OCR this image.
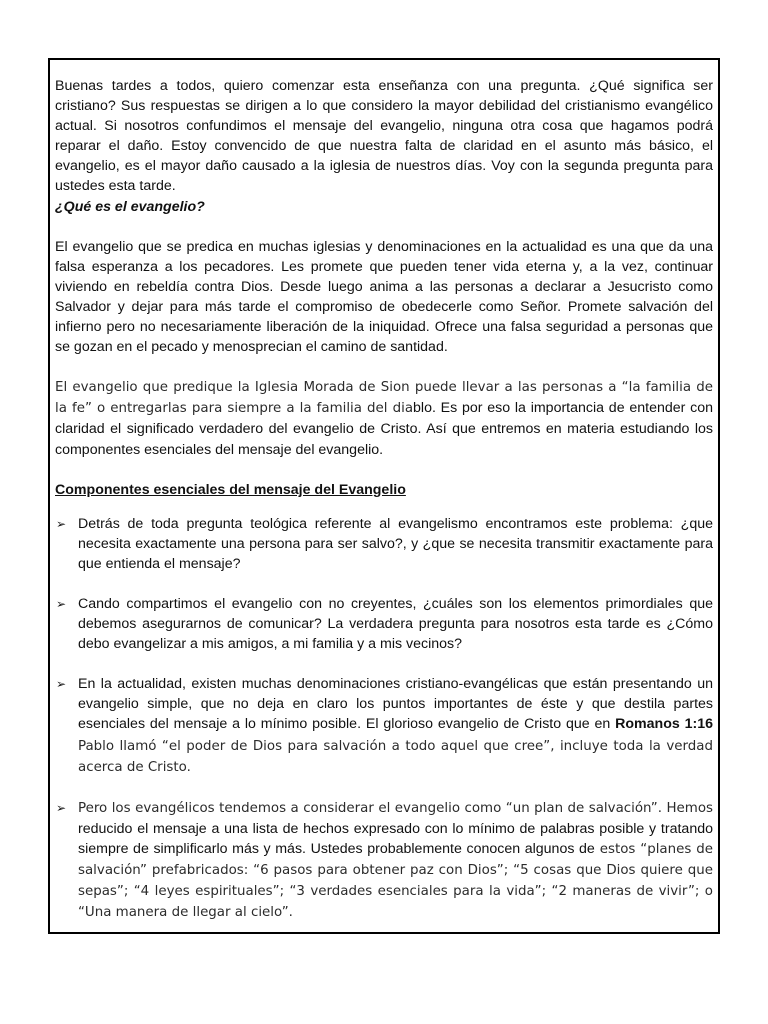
Buenas tardes a todos, quiero comenzar esta enseñanza con una pregunta. ¿Qué significa ser cristiano? Sus respuestas se dirigen a lo que considero la mayor debilidad del cristianismo evangélico actual. Si nosotros confundimos el mensaje del evangelio, ninguna otra cosa que hagamos podrá reparar el daño. Estoy convencido de que nuestra falta de claridad en el asunto más básico, el evangelio, es el mayor daño causado a la iglesia de nuestros días. Voy con la segunda pregunta para ustedes esta tarde.

¿Qué es el evangelio?

El evangelio que se predica en muchas iglesias y denominaciones en la actualidad es una que da una falsa esperanza a los pecadores. Les promete que pueden tener vida eterna y, a la vez, continuar viviendo en rebeldía contra Dios. Desde luego anima a las personas a declarar a Jesucristo como Salvador y dejar para más tarde el compromiso de obedecerle como Señor. Promete salvación del infierno pero no necesariamente liberación de la iniquidad. Ofrece una falsa seguridad a personas que se gozan en el pecado y menosprecian el camino de santidad.

El evangelio que predique la Iglesia Morada de Sion puede llevar a las personas a “la familia de la fe” o entregarlas para siempre a la familia del diablo. Es por eso la importancia de entender con claridad el significado verdadero del evangelio de Cristo. Así que entremos en materia estudiando los componentes esenciales del mensaje del evangelio.

Componentes esenciales del mensaje del Evangelio

➢ Detrás de toda pregunta teológica referente al evangelismo encontramos este problema: ¿que necesita exactamente una persona para ser salvo?, y ¿que se necesita transmitir exactamente para que entienda el mensaje?
➢ Cando compartimos el evangelio con no creyentes, ¿cuáles son los elementos primordiales que debemos asegurarnos de comunicar? La verdadera pregunta para nosotros esta tarde es ¿Cómo debo evangelizar a mis amigos, a mi familia y a mis vecinos?
➢ En la actualidad, existen muchas denominaciones cristiano-evangélicas que están presentando un evangelio simple, que no deja en claro los puntos importantes de éste y que destila partes esenciales del mensaje a lo mínimo posible. El glorioso evangelio de Cristo que en Romanos 1:16 Pablo llamó “el poder de Dios para salvación a todo aquel que cree”, incluye toda la verdad acerca de Cristo.
➢ Pero los evangélicos tendemos a considerar el evangelio como “un plan de salvación”. Hemos reducido el mensaje a una lista de hechos expresado con lo mínimo de palabras posible y tratando siempre de simplificarlo más y más. Ustedes probablemente conocen algunos de estos “planes de salvación” prefabricados: “6 pasos para obtener paz con Dios”; “5 cosas que Dios quiere que sepas”; “4 leyes espirituales”; “3 verdades esenciales para la vida”; “2 maneras de vivir”; o “Una manera de llegar al cielo”.
